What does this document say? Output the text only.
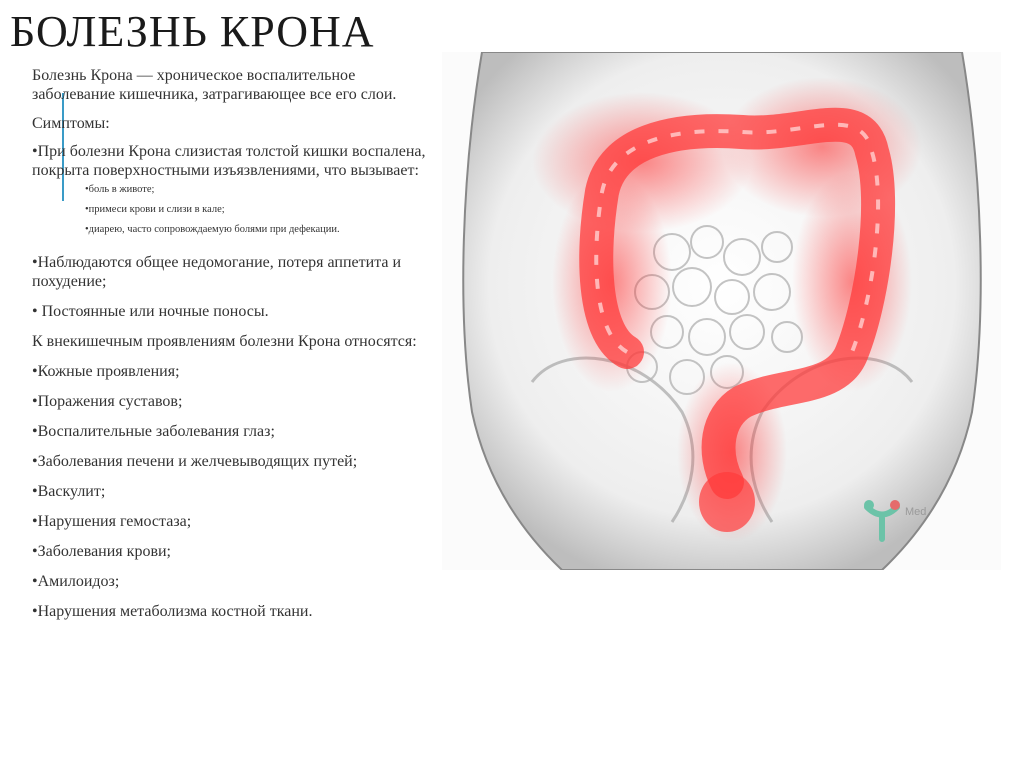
БОЛЕЗНЬ КРОНА

Болезнь Крона — хроническое воспалительное заболевание кишечника, затрагивающее все его слои.

Симптомы:

•При болезни Крона слизистая толстой кишки воспалена, покрыта поверхностными изъязвлениями, что вызывает:

•боль в животе;
•примеси крови и слизи в кале;
•диарею, часто сопровождаемую болями при дефекации.

•Наблюдаются общее недомогание, потеря аппетита и похудение;

• Постоянные или ночные поносы.

К внекишечным проявлениям болезни Крона относятся:

•Кожные проявления;

•Поражения суставов;

•Воспалительные заболевания глаз;

•Заболевания печени и желчевыводящих путей;

•Васкулит;

•Нарушения гемостаза;

•Заболевания крови;

•Амилоидоз;

•Нарушения метаболизма костной ткани.

Med
